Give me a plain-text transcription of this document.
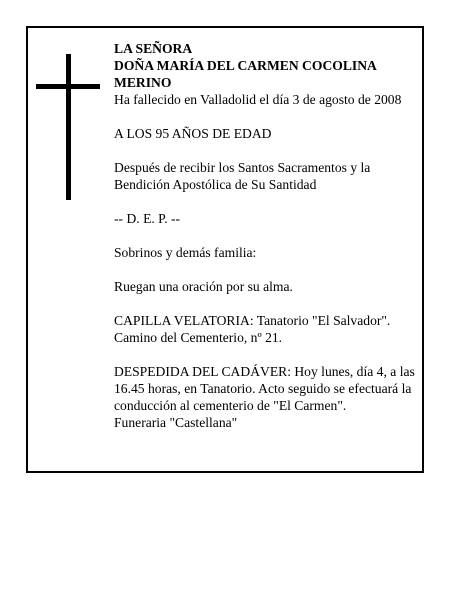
LA SEÑORA

DOÑA MARÍA DEL CARMEN COCOLINA MERINO

Ha fallecido en Valladolid el día 3 de agosto de 2008

A LOS 95 AÑOS DE EDAD

Después de recibir los Santos Sacramentos y la Bendición Apostólica de Su Santidad

-- D. E. P. --

Sobrinos y demás familia:

Ruegan una oración por su alma.

CAPILLA VELATORIA: Tanatorio "El Salvador". Camino del Cementerio, nº 21.

DESPEDIDA DEL CADÁVER: Hoy lunes, día 4, a las 16.45 horas, en Tanatorio. Acto seguido se efectuará la conducción al cementerio de "El Carmen".

Funeraria "Castellana"
